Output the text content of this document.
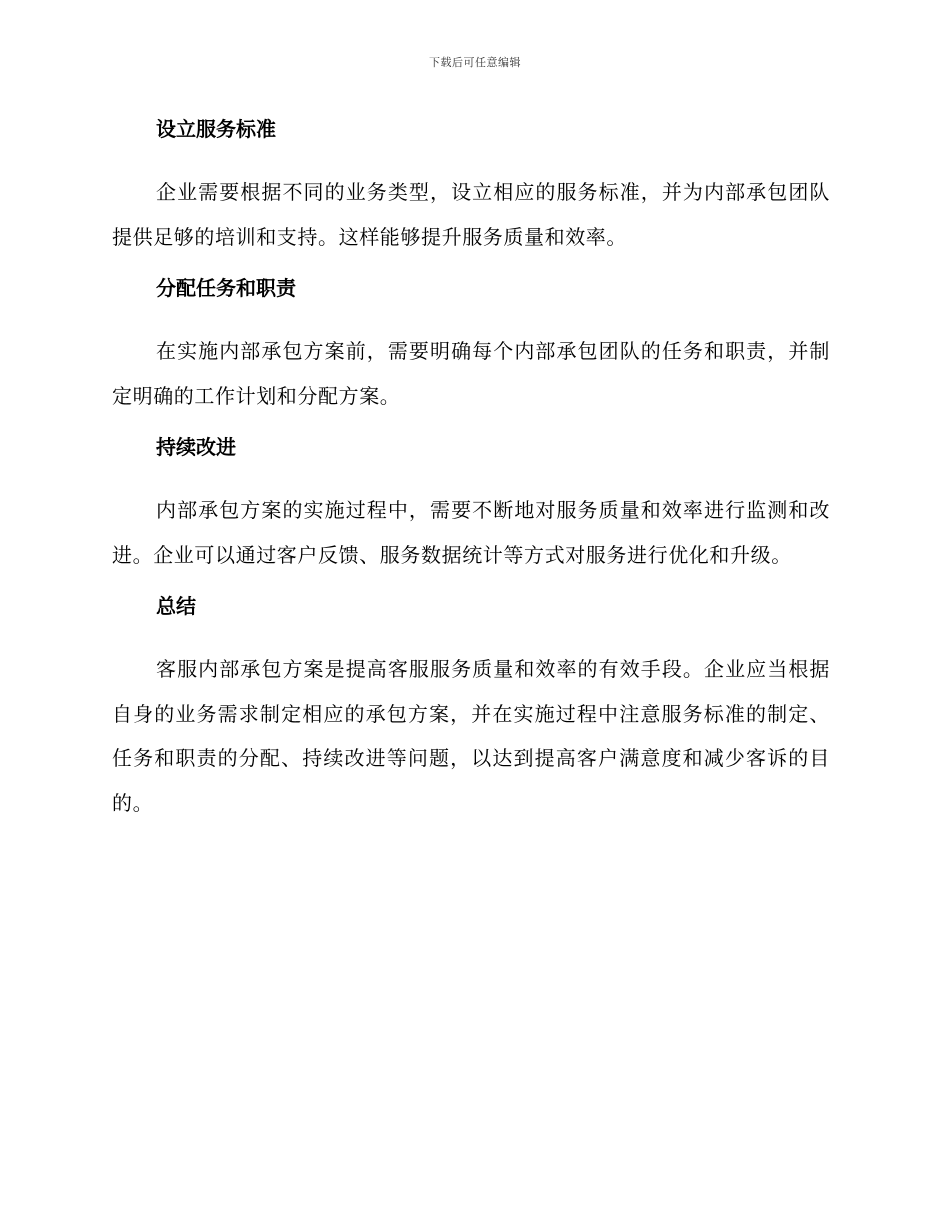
下载后可任意编辑
设立服务标准

企业需要根据不同的业务类型，设立相应的服务标准，并为内部承包团队提供足够的培训和支持。这样能够提升服务质量和效率。

分配任务和职责

在实施内部承包方案前，需要明确每个内部承包团队的任务和职责，并制定明确的工作计划和分配方案。

持续改进

内部承包方案的实施过程中，需要不断地对服务质量和效率进行监测和改进。企业可以通过客户反馈、服务数据统计等方式对服务进行优化和升级。

总结

客服内部承包方案是提高客服服务质量和效率的有效手段。企业应当根据自身的业务需求制定相应的承包方案，并在实施过程中注意服务标准的制定、任务和职责的分配、持续改进等问题，以达到提高客户满意度和减少客诉的目的。
